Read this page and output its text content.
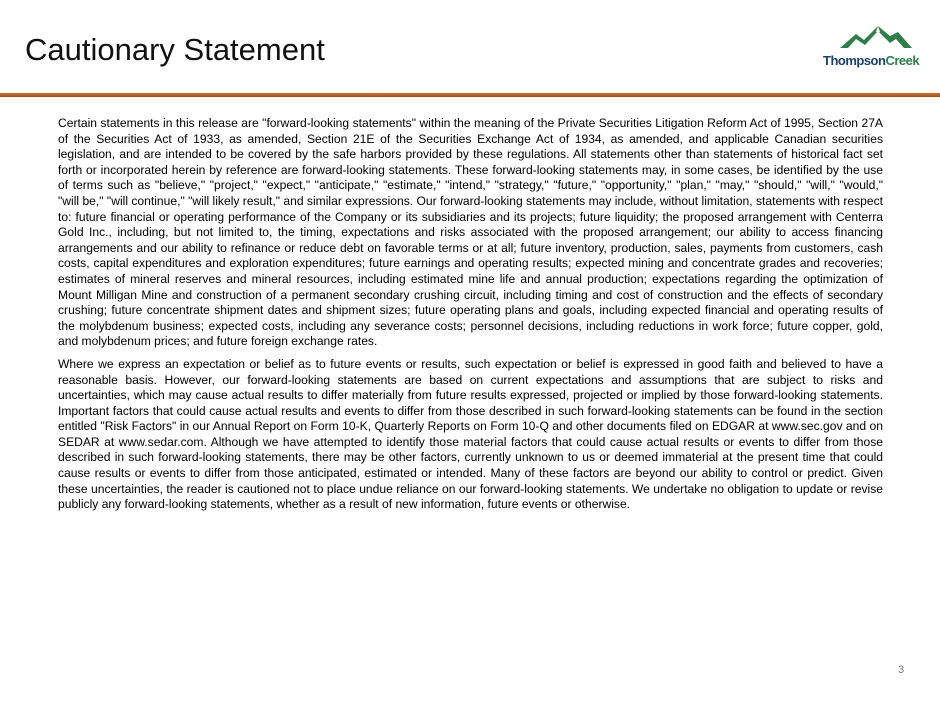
Cautionary Statement	ThompsonCreek

Certain statements in this release are "forward-looking statements" within the meaning of the Private Securities Litigation Reform Act of 1995, Section 27A of the Securities Act of 1933, as amended, Section 21E of the Securities Exchange Act of 1934, as amended, and applicable Canadian securities legislation, and are intended to be covered by the safe harbors provided by these regulations. All statements other than statements of historical fact set forth or incorporated herein by reference are forward-looking statements. These forward-looking statements may, in some cases, be identified by the use of terms such as "believe," "project," "expect," "anticipate," "estimate," "intend," "strategy," "future," "opportunity," "plan," "may," "should," "will," "would," "will be," "will continue," "will likely result," and similar expressions. Our forward-looking statements may include, without limitation, statements with respect to: future financial or operating performance of the Company or its subsidiaries and its projects; future liquidity; the proposed arrangement with Centerra Gold Inc., including, but not limited to, the timing, expectations and risks associated with the proposed arrangement; our ability to access financing arrangements and our ability to refinance or reduce debt on favorable terms or at all; future inventory, production, sales, payments from customers, cash costs, capital expenditures and exploration expenditures; future earnings and operating results; expected mining and concentrate grades and recoveries; estimates of mineral reserves and mineral resources, including estimated mine life and annual production; expectations regarding the optimization of Mount Milligan Mine and construction of a permanent secondary crushing circuit, including timing and cost of construction and the effects of secondary crushing; future concentrate shipment dates and shipment sizes; future operating plans and goals, including expected financial and operating results of the molybdenum business; expected costs, including any severance costs; personnel decisions, including reductions in work force; future copper, gold, and molybdenum prices; and future foreign exchange rates.

Where we express an expectation or belief as to future events or results, such expectation or belief is expressed in good faith and believed to have a reasonable basis. However, our forward-looking statements are based on current expectations and assumptions that are subject to risks and uncertainties, which may cause actual results to differ materially from future results expressed, projected or implied by those forward-looking statements. Important factors that could cause actual results and events to differ from those described in such forward-looking statements can be found in the section entitled "Risk Factors" in our Annual Report on Form 10-K, Quarterly Reports on Form 10-Q and other documents filed on EDGAR at www.sec.gov and on SEDAR at www.sedar.com. Although we have attempted to identify those material factors that could cause actual results or events to differ from those described in such forward-looking statements, there may be other factors, currently unknown to us or deemed immaterial at the present time that could cause results or events to differ from those anticipated, estimated or intended. Many of these factors are beyond our ability to control or predict. Given these uncertainties, the reader is cautioned not to place undue reliance on our forward-looking statements. We undertake no obligation to update or revise publicly any forward-looking statements, whether as a result of new information, future events or otherwise.

3
